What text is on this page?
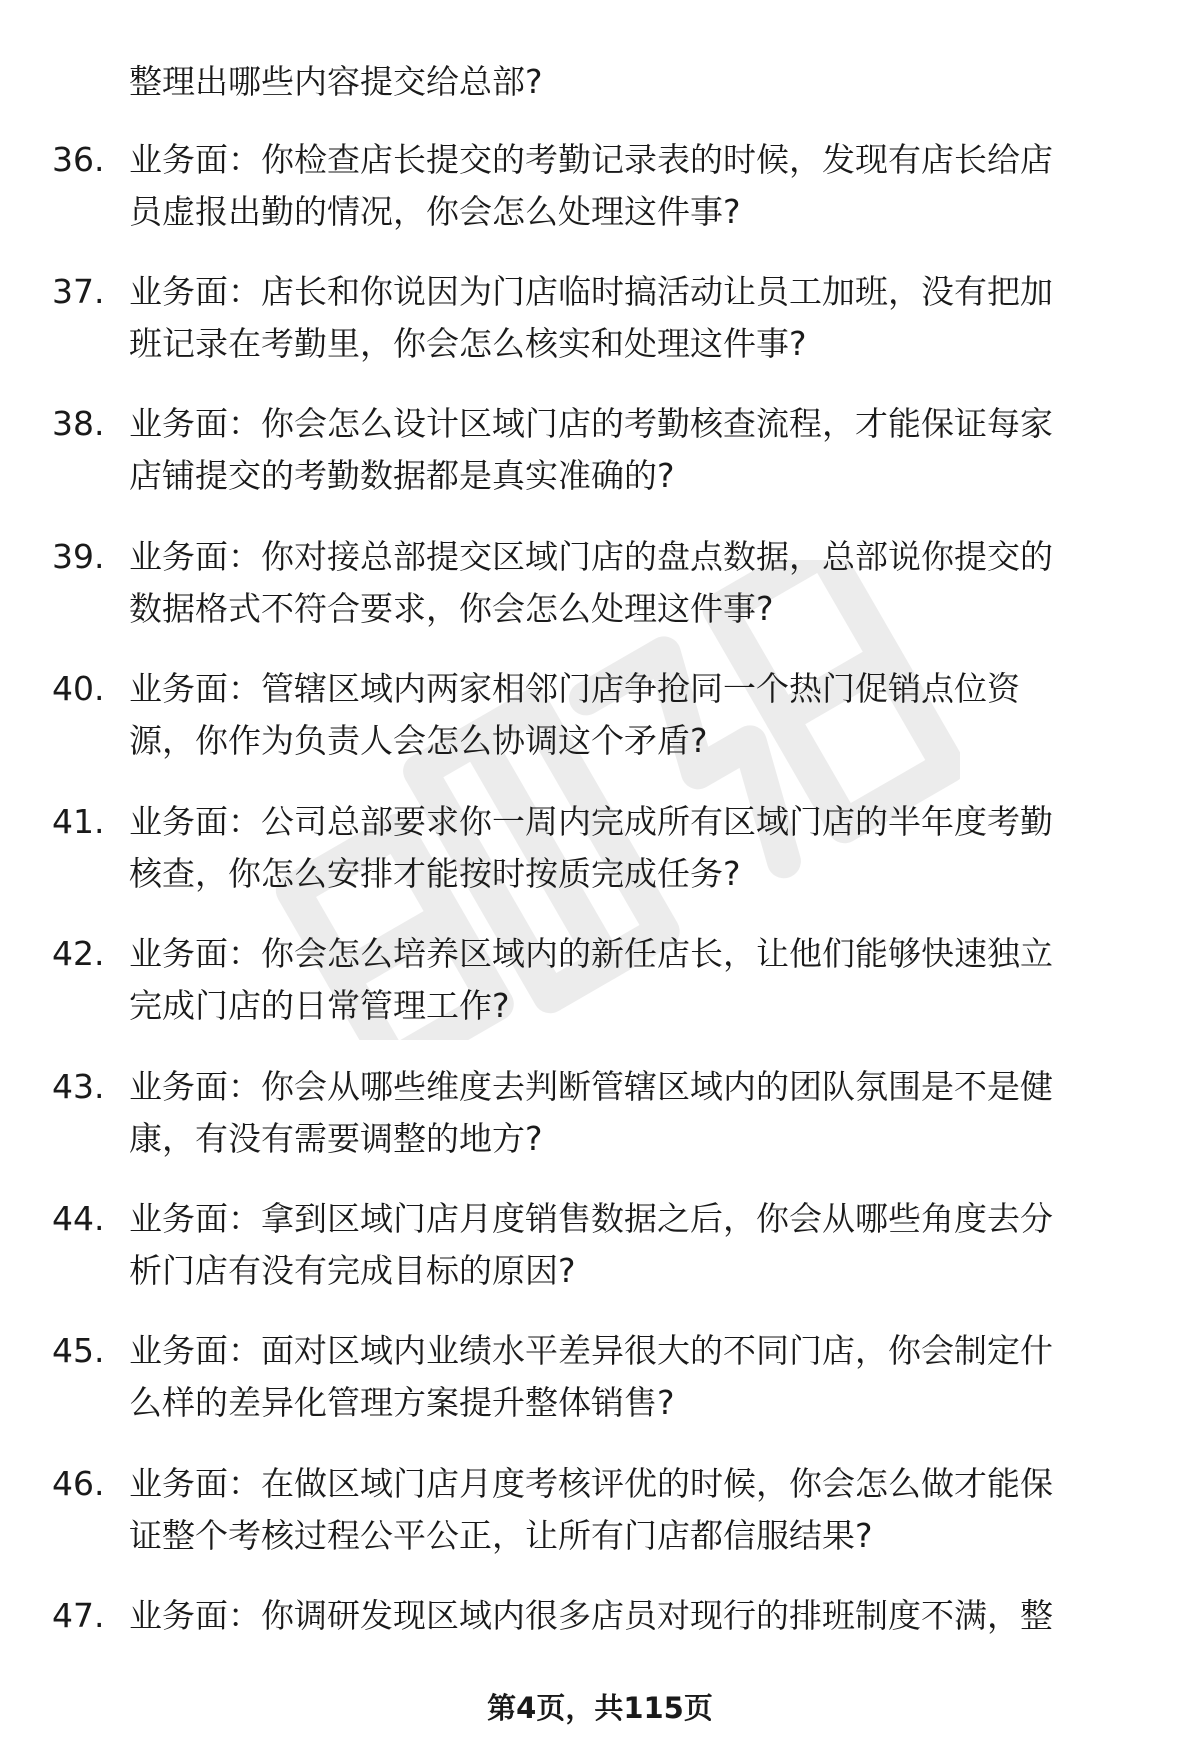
整理出哪些内容提交给总部?
36. 业务面：你检查店长提交的考勤记录表的时候，发现有店长给店
员虚报出勤的情况，你会怎么处理这件事?
37. 业务面：店长和你说因为门店临时搞活动让员工加班，没有把加
班记录在考勤里，你会怎么核实和处理这件事?
38. 业务面：你会怎么设计区域门店的考勤核查流程，才能保证每家
店铺提交的考勤数据都是真实准确的?
39. 业务面：你对接总部提交区域门店的盘点数据，总部说你提交的
数据格式不符合要求，你会怎么处理这件事?
40. 业务面：管辖区域内两家相邻门店争抢同一个热门促销点位资
源，你作为负责人会怎么协调这个矛盾?
41. 业务面：公司总部要求你一周内完成所有区域门店的半年度考勤
核查，你怎么安排才能按时按质完成任务?
42. 业务面：你会怎么培养区域内的新任店长，让他们能够快速独立
完成门店的日常管理工作?
43. 业务面：你会从哪些维度去判断管辖区域内的团队氛围是不是健
康，有没有需要调整的地方?
44. 业务面：拿到区域门店月度销售数据之后，你会从哪些角度去分
析门店有没有完成目标的原因?
45. 业务面：面对区域内业绩水平差异很大的不同门店，你会制定什
么样的差异化管理方案提升整体销售?
46. 业务面：在做区域门店月度考核评优的时候，你会怎么做才能保
证整个考核过程公平公正，让所有门店都信服结果?
47. 业务面：你调研发现区域内很多店员对现行的排班制度不满，整
第4页，共115页
